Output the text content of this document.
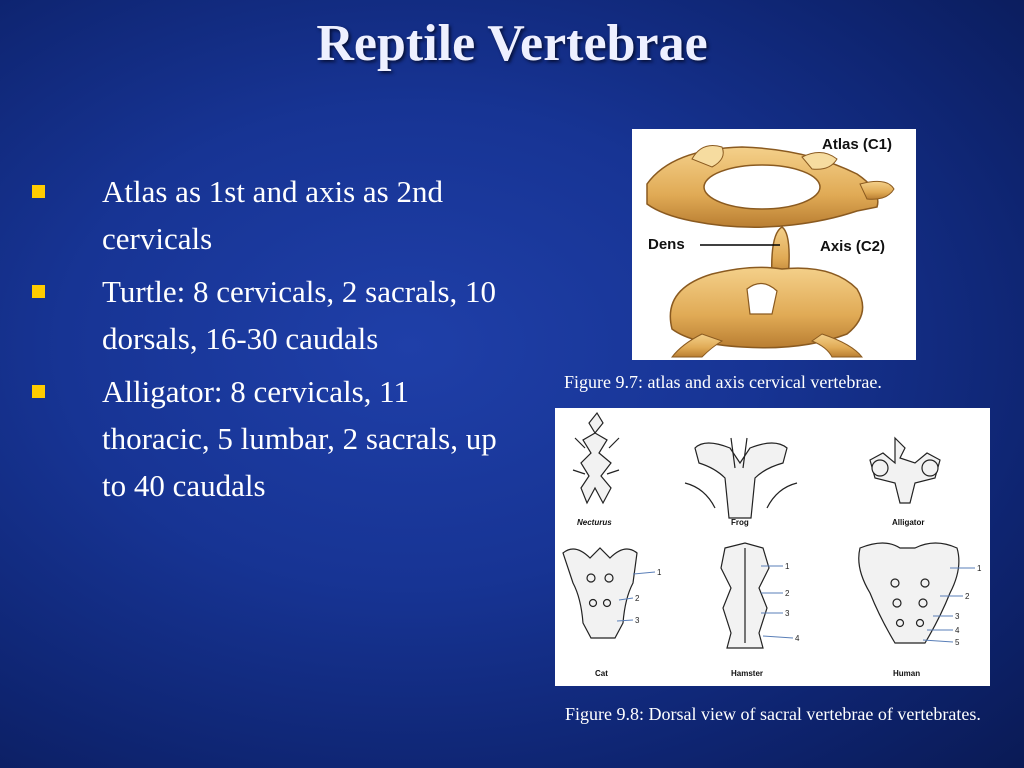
Reptile Vertebrae
Atlas as 1st and axis as 2nd cervicals
Turtle: 8 cervicals, 2 sacrals, 10 dorsals, 16-30 caudals
Alligator: 8 cervicals, 11 thoracic, 5 lumbar, 2 sacrals, up to 40 caudals
Atlas (C1)
Dens	Axis (C2)
Figure 9.7: atlas and axis cervical vertebrae.
1
2
3
1
2
3
4
1
2
3
4
5
Necturus	Frog	Alligator
Cat	Hamster	Human
Figure 9.8: Dorsal view of sacral vertebrae of vertebrates.
